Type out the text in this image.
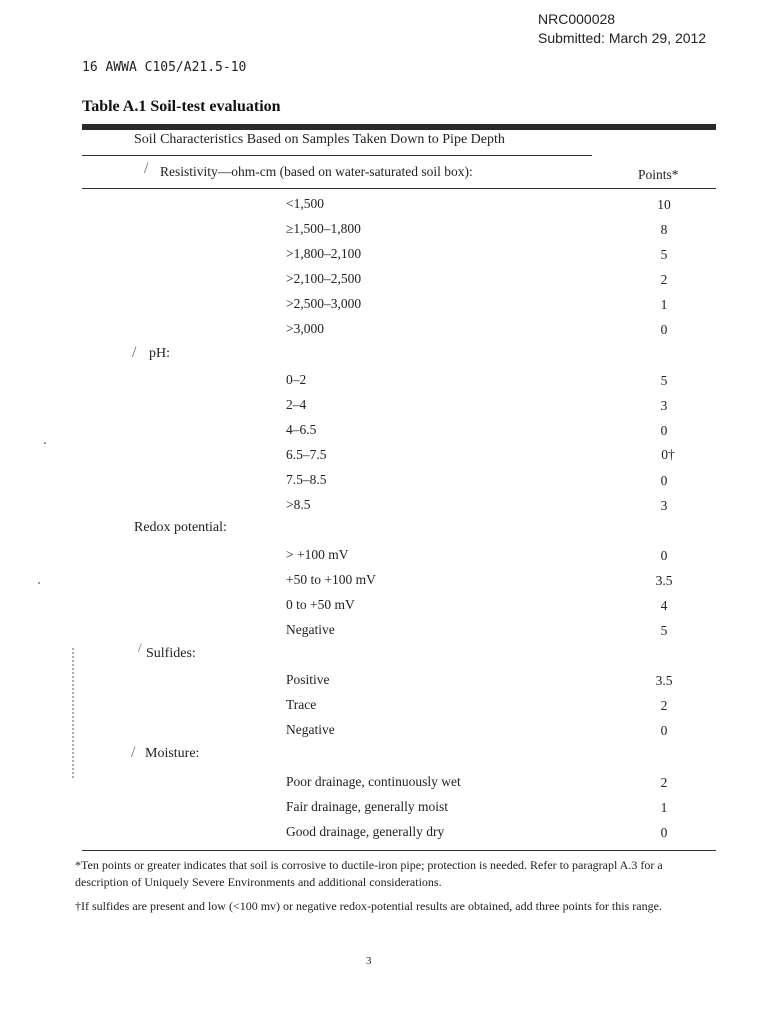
NRC000028
Submitted: March 29, 2012
16 AWWA C105/A21.5-10
Table A.1 Soil-test evaluation
Soil Characteristics Based on Samples Taken Down to Pipe Depth
/ Resistivity—ohm-cm (based on water-saturated soil box):	Points*
<1,500	10
≥1,500–1,800	8
>1,800–2,100	5
>2,100–2,500	2
>2,500–3,000	1
>3,000	0
/ pH:
0–2	5
2–4	3
4–6.5	0
6.5–7.5	0†
7.5–8.5	0
>8.5	3
Redox potential:
> +100 mV	0
+50 to +100 mV	3.5
0 to +50 mV	4
Negative	5
/ Sulfides:
Positive	3.5
Trace	2
Negative	0
/ Moisture:
Poor drainage, continuously wet	2
Fair drainage, generally moist	1
Good drainage, generally dry	0
*Ten points or greater indicates that soil is corrosive to ductile-iron pipe; protection is needed. Refer to paragrapl A.3 for a description of Uniquely Severe Environments and additional considerations.
†If sulfides are present and low (<100 mv) or negative redox-potential results are obtained, add three points for this range.
3
